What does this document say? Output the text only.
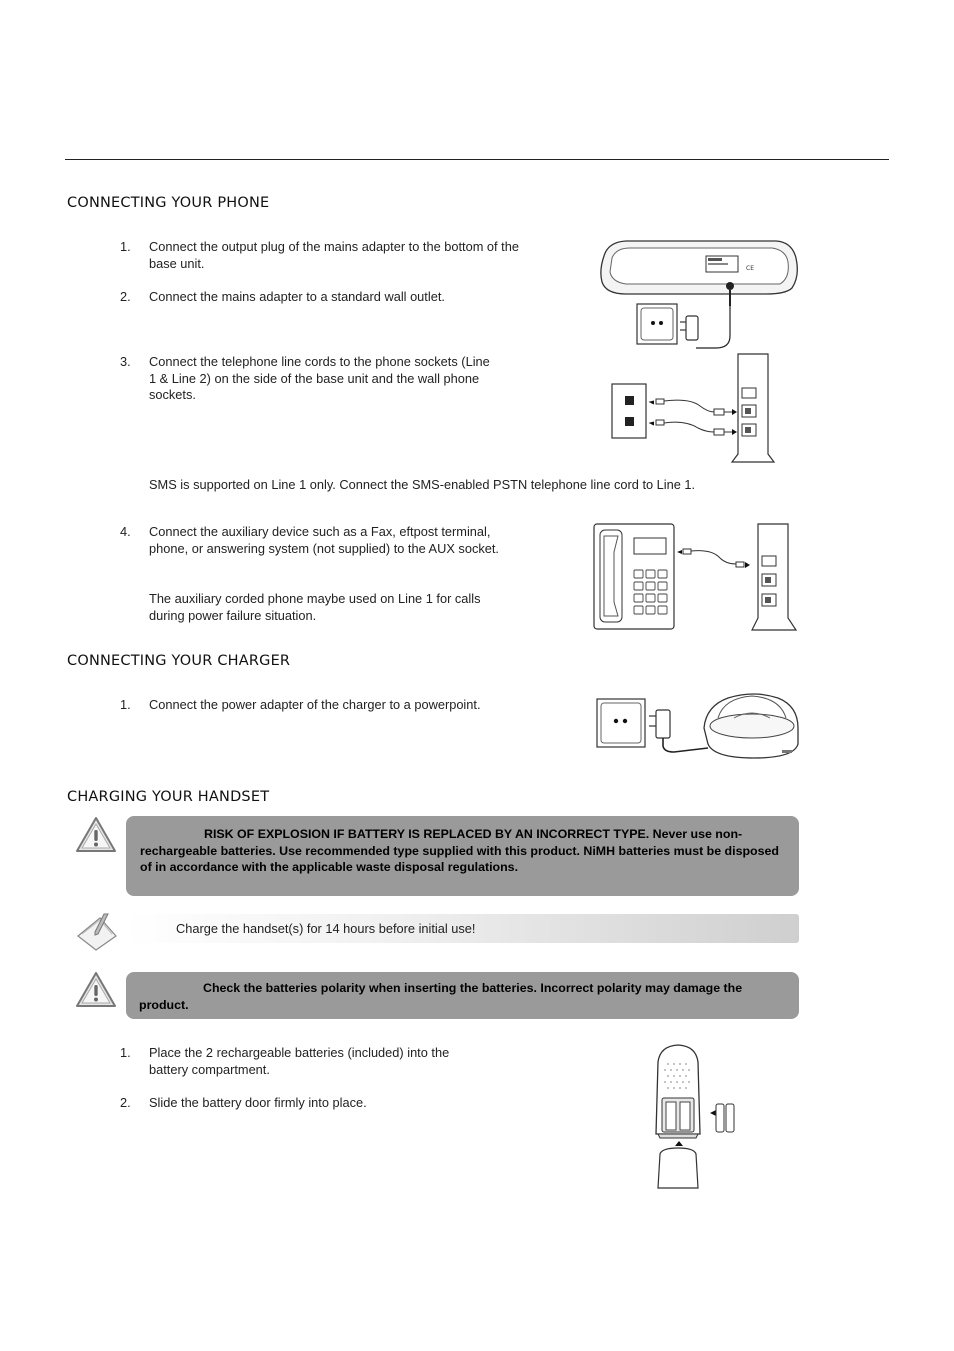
CONNECTING YOUR PHONE
1. Connect the output plug of the mains adapter to the bottom of the base unit.
2. Connect the mains adapter to a standard wall outlet.
3. Connect the telephone line cords to the phone sockets (Line 1 & Line 2) on the side of the base unit and the wall phone sockets.
SMS is supported on Line 1 only. Connect the SMS-enabled PSTN telephone line cord to Line 1.
4. Connect the auxiliary device such as a Fax, eftpost terminal, phone, or answering system (not supplied) to the AUX socket.
The auxiliary corded phone maybe used on Line 1 for calls during power failure situation.
CE
CONNECTING YOUR CHARGER
1. Connect the power adapter of the charger to a powerpoint.
CHARGING YOUR HANDSET
RISK OF EXPLOSION IF BATTERY IS REPLACED BY AN INCORRECT TYPE. Never use non-rechargeable batteries. Use recommended type supplied with this product. NiMH batteries must be disposed of in accordance with the applicable waste disposal regulations.
Charge the handset(s) for 14 hours before initial use!
Check the batteries polarity when inserting the batteries. Incorrect polarity may damage the product.
1. Place the 2 rechargeable batteries (included) into the battery compartment.
2. Slide the battery door firmly into place.
